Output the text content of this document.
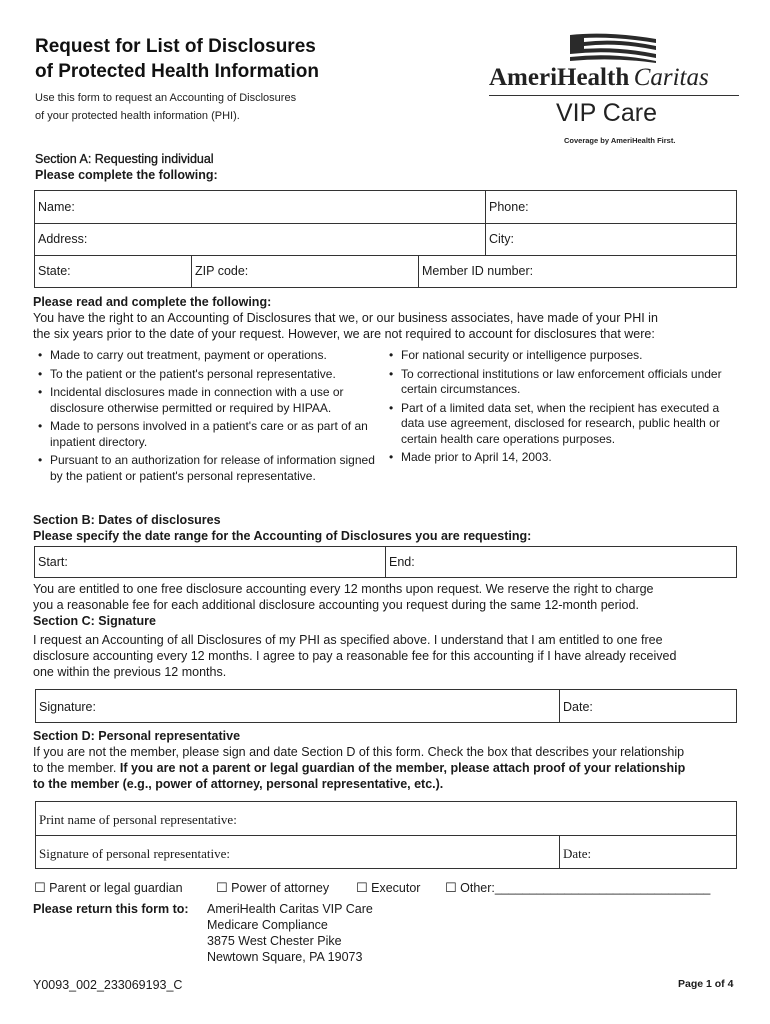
Request for List of Disclosures
of Protected Health Information
Use this form to request an Accounting of Disclosures
of your protected health information (PHI).
AmeriHealth Caritas
VIP Care
Coverage by AmeriHealth First.
Section A: Requesting individual
Please complete the following:
Name:	Phone:
Address:	City:
State:	ZIP code:	Member ID number:
Please read and complete the following:
You have the right to an Accounting of Disclosures that we, or our business associates, have made of your PHI in
the six years prior to the date of your request. However, we are not required to account for disclosures that were:
• Made to carry out treatment, payment or operations.
• To the patient or the patient's personal representative.
• Incidental disclosures made in connection with a use or disclosure otherwise permitted or required by HIPAA.
• Made to persons involved in a patient's care or as part of an inpatient directory.
• Pursuant to an authorization for release of information signed by the patient or patient's personal representative.
• For national security or intelligence purposes.
• To correctional institutions or law enforcement officials under certain circumstances.
• Part of a limited data set, when the recipient has executed a data use agreement, disclosed for research, public health or certain health care operations purposes.
• Made prior to April 14, 2003.
Section B: Dates of disclosures
Please specify the date range for the Accounting of Disclosures you are requesting:
Start:	End:
You are entitled to one free disclosure accounting every 12 months upon request. We reserve the right to charge
you a reasonable fee for each additional disclosure accounting you request during the same 12-month period.
Section C: Signature
I request an Accounting of all Disclosures of my PHI as specified above. I understand that I am entitled to one free
disclosure accounting every 12 months. I agree to pay a reasonable fee for this accounting if I have already received
one within the previous 12 months.
Signature:	Date:
Section D: Personal representative
If you are not the member, please sign and date Section D of this form. Check the box that describes your relationship
to the member. If you are not a parent or legal guardian of the member, please attach proof of your relationship
to the member (e.g., power of attorney, personal representative, etc.).
Print name of personal representative:
Signature of personal representative:	Date:
☐ Parent or legal guardian	☐ Power of attorney ☐ Executor ☐ Other:_______________________________
Please return this form to: AmeriHealth Caritas VIP Care
Medicare Compliance
3875 West Chester Pike
Newtown Square, PA 19073
Y0093_002_233069193_C	Page 1 of 4
